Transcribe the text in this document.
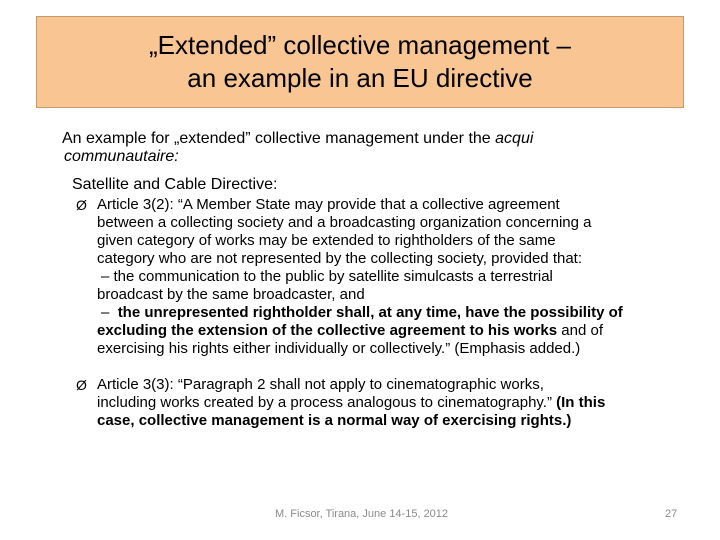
„Extended” collective management –
an example in an EU directive
An example for „extended” collective management under the acqui
communautaire:
Satellite and Cable Directive:
Ø Article 3(2): “A Member State may provide that a collective agreement
between a collecting society and a broadcasting organization concerning a
given category of works may be extended to rightholders of the same
category who are not represented by the collecting society, provided that:
– the communication to the public by satellite simulcasts a terrestrial
broadcast by the same broadcaster, and
– the unrepresented rightholder shall, at any time, have the possibility of
excluding the extension of the collective agreement to his works and of
exercising his rights either individually or collectively.” (Emphasis added.)
Ø Article 3(3): “Paragraph 2 shall not apply to cinematographic works,
including works created by a process analogous to cinematography.” (In this
case, collective management is a normal way of exercising rights.)
M. Ficsor, Tirana, June 14-15, 2012	27
